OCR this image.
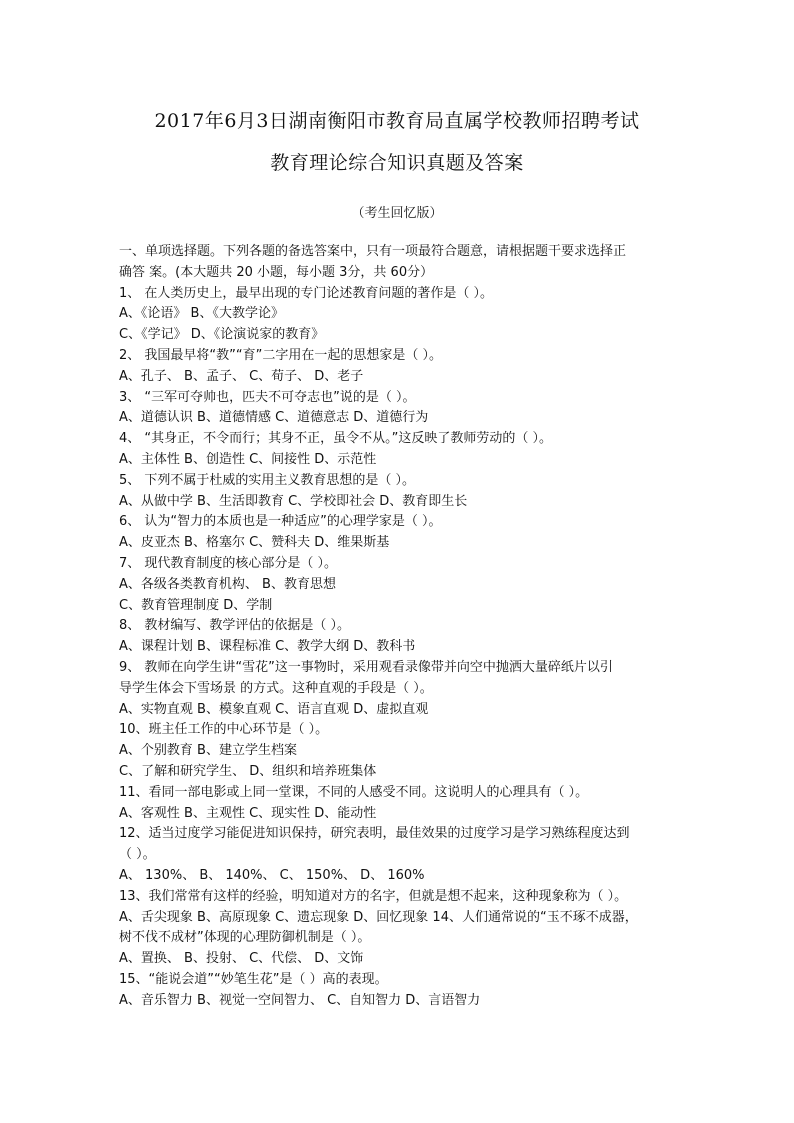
2017年6月3日湖南衡阳市教育局直属学校教师招聘考试
教育理论综合知识真题及答案
（考生回忆版）
一、单项选择题。下列各题的备选答案中，只有一项最符合题意，请根据题干要求选择正
确答 案。(本大题共 20 小题，每小题 3分，共 60分）
1、 在人类历史上，最早出现的专门论述教育问题的著作是（ ）。
A、《论语》 B、《大教学论》
C、《学记》 D、《论演说家的教育》
2、 我国最早将“教”“育”二字用在一起的思想家是（ ）。
A、孔子、 B、孟子、 C、荀子、 D、老子
3、 “三军可夺帅也，匹夫不可夺志也”说的是（ ）。
A、道德认识 B、道德情感 C、道德意志 D、道德行为
4、 “其身正，不令而行；其身不正，虽令不从。”这反映了教师劳动的（ ）。
A、主体性 B、创造性 C、间接性 D、示范性
5、 下列不属于杜威的实用主义教育思想的是（ ）。
A、从做中学 B、生活即教育 C、学校即社会 D、教育即生长
6、 认为“智力的本质也是一种适应”的心理学家是（ ）。
A、皮亚杰 B、格塞尔 C、赞科夫 D、维果斯基
7、 现代教育制度的核心部分是（ ）。
A、各级各类教育机构、 B、教育思想
C、教育管理制度 D、学制
8、 教材编写、教学评估的依据是（ ）。
A、课程计划 B、课程标准 C、教学大纲 D、教科书
9、 教师在向学生讲“雪花”这一事物时，采用观看录像带并向空中抛洒大量碎纸片以引
导学生体会下雪场景 的方式。这种直观的手段是（ ）。
A、实物直观 B、模象直观 C、语言直观 D、虚拟直观
10、班主任工作的中心环节是（ ）。
A、个别教育 B、建立学生档案
C、了解和研究学生、 D、组织和培养班集体
11、看同一部电影或上同一堂课，不同的人感受不同。这说明人的心理具有（ ）。
A、客观性 B、主观性 C、现实性 D、能动性
12、适当过度学习能促进知识保持，研究表明，最佳效果的过度学习是学习熟练程度达到
（ ）。
A、 130%、 B、 140%、 C、 150%、 D、 160%
13、我们常常有这样的经验，明知道对方的名字，但就是想不起来，这种现象称为（ ）。
A、舌尖现象 B、高原现象 C、遗忘现象 D、回忆现象 14、人们通常说的“玉不琢不成器，
树不伐不成材”体现的心理防御机制是（ ）。
A、置换、 B、投射、 C、代偿、 D、文饰
15、“能说会道”“妙笔生花”是（ ）高的表现。
A、音乐智力 B、视觉一空间智力、 C、自知智力 D、言语智力
